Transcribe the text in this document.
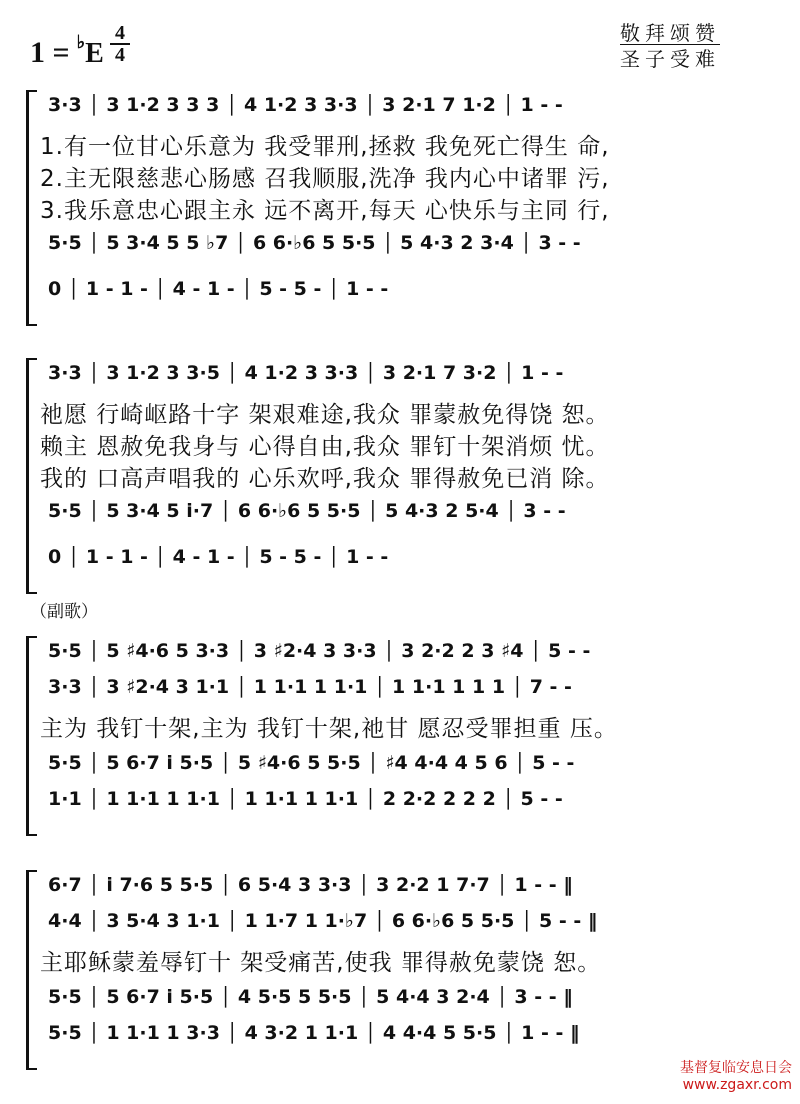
1 = ♭E
4
4
敬拜颂赞
圣子受难
（副歌）
3·3 │ 3 1·2 3 3 3 │ 4 1·2 3 3·3 │ 3 2·1 7 1·2 │ 1 - -
1.有一位甘心乐意为 我受罪刑,拯救 我免死亡得生 命,
2.主无限慈悲心肠感 召我顺服,洗净 我内心中诸罪 污,
3.我乐意忠心跟主永 远不离开,每天 心快乐与主同 行,
5·5 │ 5 3·4 5 5 ♭7 │ 6 6·♭6 5 5·5 │ 5 4·3 2 3·4 │ 3 - -
0 │ 1 - 1 - │ 4 - 1 - │ 5 - 5 - │ 1 - -
3·3 │ 3 1·2 3 3·5 │ 4 1·2 3 3·3 │ 3 2·1 7 3·2 │ 1 - -
祂愿 行崎岖路十字 架艰难途,我众 罪蒙赦免得饶 恕。
赖主 恩赦免我身与 心得自由,我众 罪钉十架消烦 忧。
我的 口高声唱我的 心乐欢呼,我众 罪得赦免已消 除。
5·5 │ 5 3·4 5 i·7 │ 6 6·♭6 5 5·5 │ 5 4·3 2 5·4 │ 3 - -
0 │ 1 - 1 - │ 4 - 1 - │ 5 - 5 - │ 1 - -
5·5 │ 5 ♯4·6 5 3·3 │ 3 ♯2·4 3 3·3 │ 3 2·2 2 3 ♯4 │ 5 - -
3·3 │ 3 ♯2·4 3 1·1 │ 1 1·1 1 1·1 │ 1 1·1 1 1 1 │ 7 - -
主为 我钉十架,主为 我钉十架,祂甘 愿忍受罪担重 压。
5·5 │ 5 6·7 i 5·5 │ 5 ♯4·6 5 5·5 │ ♯4 4·4 4 5 6 │ 5 - -
1·1 │ 1 1·1 1 1·1 │ 1 1·1 1 1·1 │ 2 2·2 2 2 2 │ 5 - -
6·7 │ i 7·6 5 5·5 │ 6 5·4 3 3·3 │ 3 2·2 1 7·7 │ 1 - - ‖
4·4 │ 3 5·4 3 1·1 │ 1 1·7 1 1·♭7 │ 6 6·♭6 5 5·5 │ 5 - - ‖
主耶稣蒙羞辱钉十 架受痛苦,使我 罪得赦免蒙饶 恕。
5·5 │ 5 6·7 i 5·5 │ 4 5·5 5 5·5 │ 5 4·4 3 2·4 │ 3 - - ‖
5·5 │ 1 1·1 1 3·3 │ 4 3·2 1 1·1 │ 4 4·4 5 5·5 │ 1 - - ‖
基督复临安息日会
www.zgaxr.com
